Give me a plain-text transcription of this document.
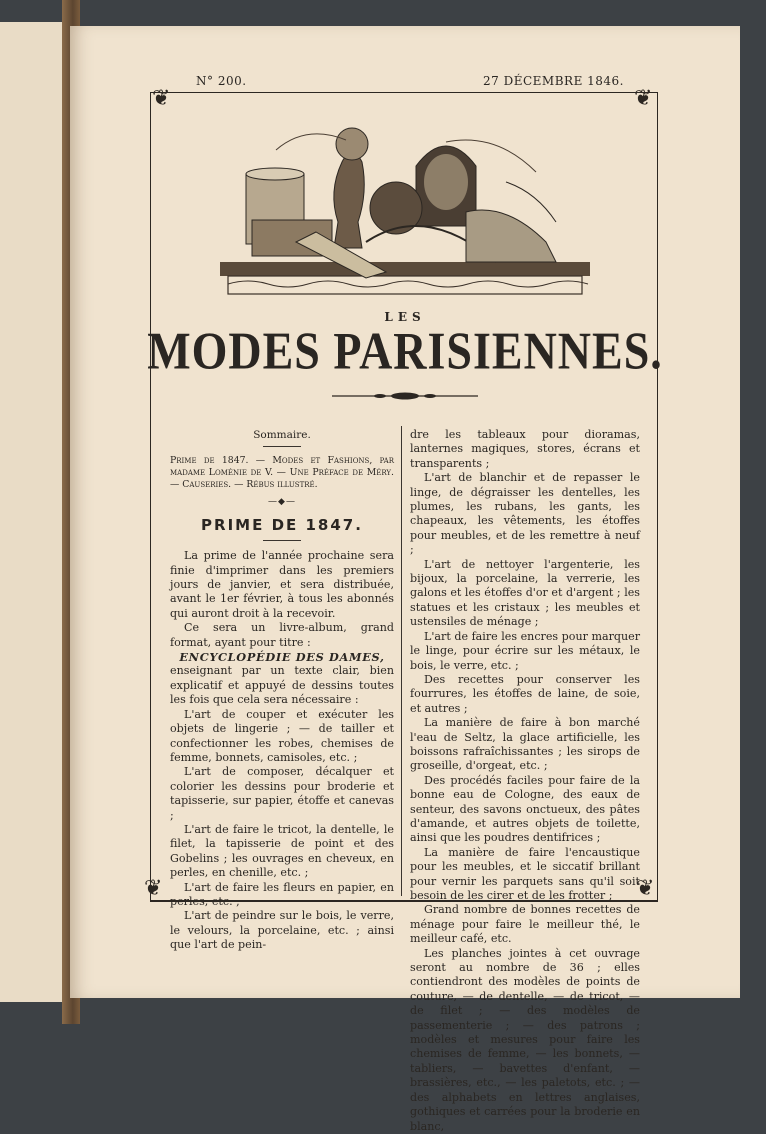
N° 200.	27 DÉCEMBRE 1846.
❦	❦
❦	❦
LES
MODES PARISIENNES.
Sommaire.
Prime de 1847. — Modes et Fashions, par madame Loménie de V. — Une Préface de Méry. — Causeries. — Rébus illustré.
—◆—
PRIME DE 1847.

La prime de l'année prochaine sera finie d'imprimer dans les premiers jours de janvier, et sera distribuée, avant le 1er février, à tous les abonnés qui auront droit à la recevoir.

Ce sera un livre-album, grand format, ayant pour titre :

ENCYCLOPÉDIE DES DAMES,

enseignant par un texte clair, bien explicatif et appuyé de dessins toutes les fois que cela sera nécessaire :

L'art de couper et exécuter les objets de lingerie ; — de tailler et confectionner les robes, chemises de femme, bonnets, camisoles, etc. ;

L'art de composer, décalquer et colorier les dessins pour broderie et tapisserie, sur papier, étoffe et canevas ;

L'art de faire le tricot, la dentelle, le filet, la tapisserie de point et des Gobelins ; les ouvrages en cheveux, en perles, en chenille, etc. ;

L'art de faire les fleurs en papier, en perles, etc. ;

L'art de peindre sur le bois, le verre, le velours, la porcelaine, etc. ; ainsi que l'art de pein-

dre les tableaux pour dioramas, lanternes magiques, stores, écrans et transparents ;

L'art de blanchir et de repasser le linge, de dégraisser les dentelles, les plumes, les rubans, les gants, les chapeaux, les vêtements, les étoffes pour meubles, et de les remettre à neuf ;

L'art de nettoyer l'argenterie, les bijoux, la porcelaine, la verrerie, les galons et les étoffes d'or et d'argent ; les statues et les cristaux ; les meubles et ustensiles de ménage ;

L'art de faire les encres pour marquer le linge, pour écrire sur les métaux, le bois, le verre, etc. ;

Des recettes pour conserver les fourrures, les étoffes de laine, de soie, et autres ;

La manière de faire à bon marché l'eau de Seltz, la glace artificielle, les boissons rafraîchissantes ; les sirops de groseille, d'orgeat, etc. ;

Des procédés faciles pour faire de la bonne eau de Cologne, des eaux de senteur, des savons onctueux, des pâtes d'amande, et autres objets de toilette, ainsi que les poudres dentifrices ;

La manière de faire l'encaustique pour les meubles, et le siccatif brillant pour vernir les parquets sans qu'il soit besoin de les cirer et de les frotter ;

Grand nombre de bonnes recettes de ménage pour faire le meilleur thé, le meilleur café, etc.

Les planches jointes à cet ouvrage seront au nombre de 36 ; elles contiendront des modèles de points de couture, — de dentelle, — de tricot, — de filet ; — des modèles de passementerie ; — des patrons ; modèles et mesures pour faire les chemises de femme, — les bonnets, — tabliers, — bavettes d'enfant, — brassières, etc., — les paletots, etc. ; — des alphabets en lettres anglaises, gothiques et carrées pour la broderie en blanc,
